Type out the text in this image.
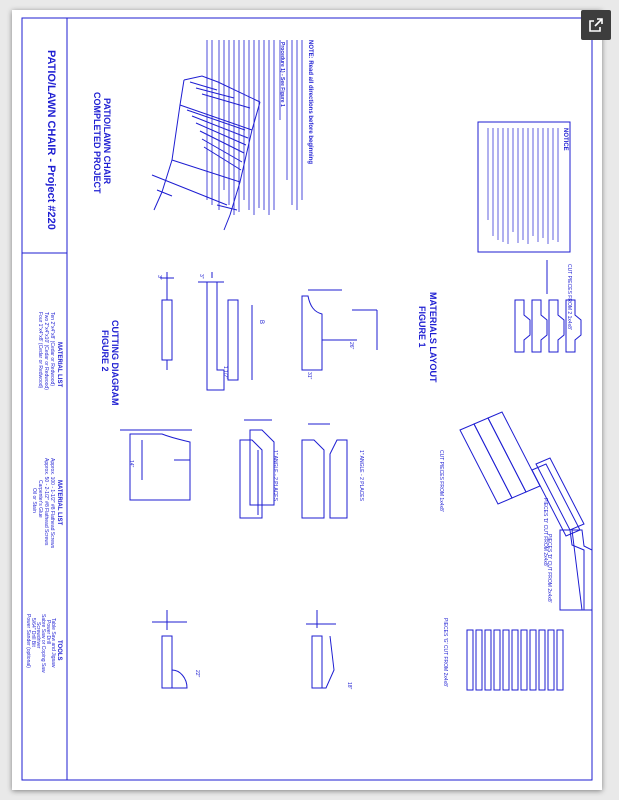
PATIO/LAWN CHAIR - Project #220	PATIO/LAWN CHAIR
COMPLETED PROJECT
MATERIAL LIST
Ten 2"x4"x8' (Cedar or Redwood)
Two 2"x4"x10' (Cedar or Redwood)
Four 1"x4"x8' (Cedar or Redwood)
MATERIAL LIST
Approx. 100 - 1-1/2" #8 Flathead Screws
Approx. 50 - 2-1/2" #8 Flathead Screws
Carpenter's Glue
Oil or Stain
TOOLS
Table Saw and Jigsaw
Power Drill
Sabre Saw or Coping Saw
Screwdriver
5/64" Drill Bit
Power Sander (optional)
NOTE: Read all directions before beginning
Procedure 1) - See Figure 1
NOTICE
CUTTING DIAGRAM
FIGURE 2	MATERIALS LAYOUT
FIGURE 1
3"	3"
B
1 1/2"
26"
31"
14"	1" ANGLE - 2 PLACES	1" ANGLE - 2 PLACES
22"
18"
CUT PIECES FROM 2 1x4x8'
CUT PIECES FROM 1x4x8'
PIECES 'D' CUT FROM 2x4x8'
PIECES 'D' CUT FROM 2x4x8'
PIECES 'G' CUT FROM 2x4x8'
